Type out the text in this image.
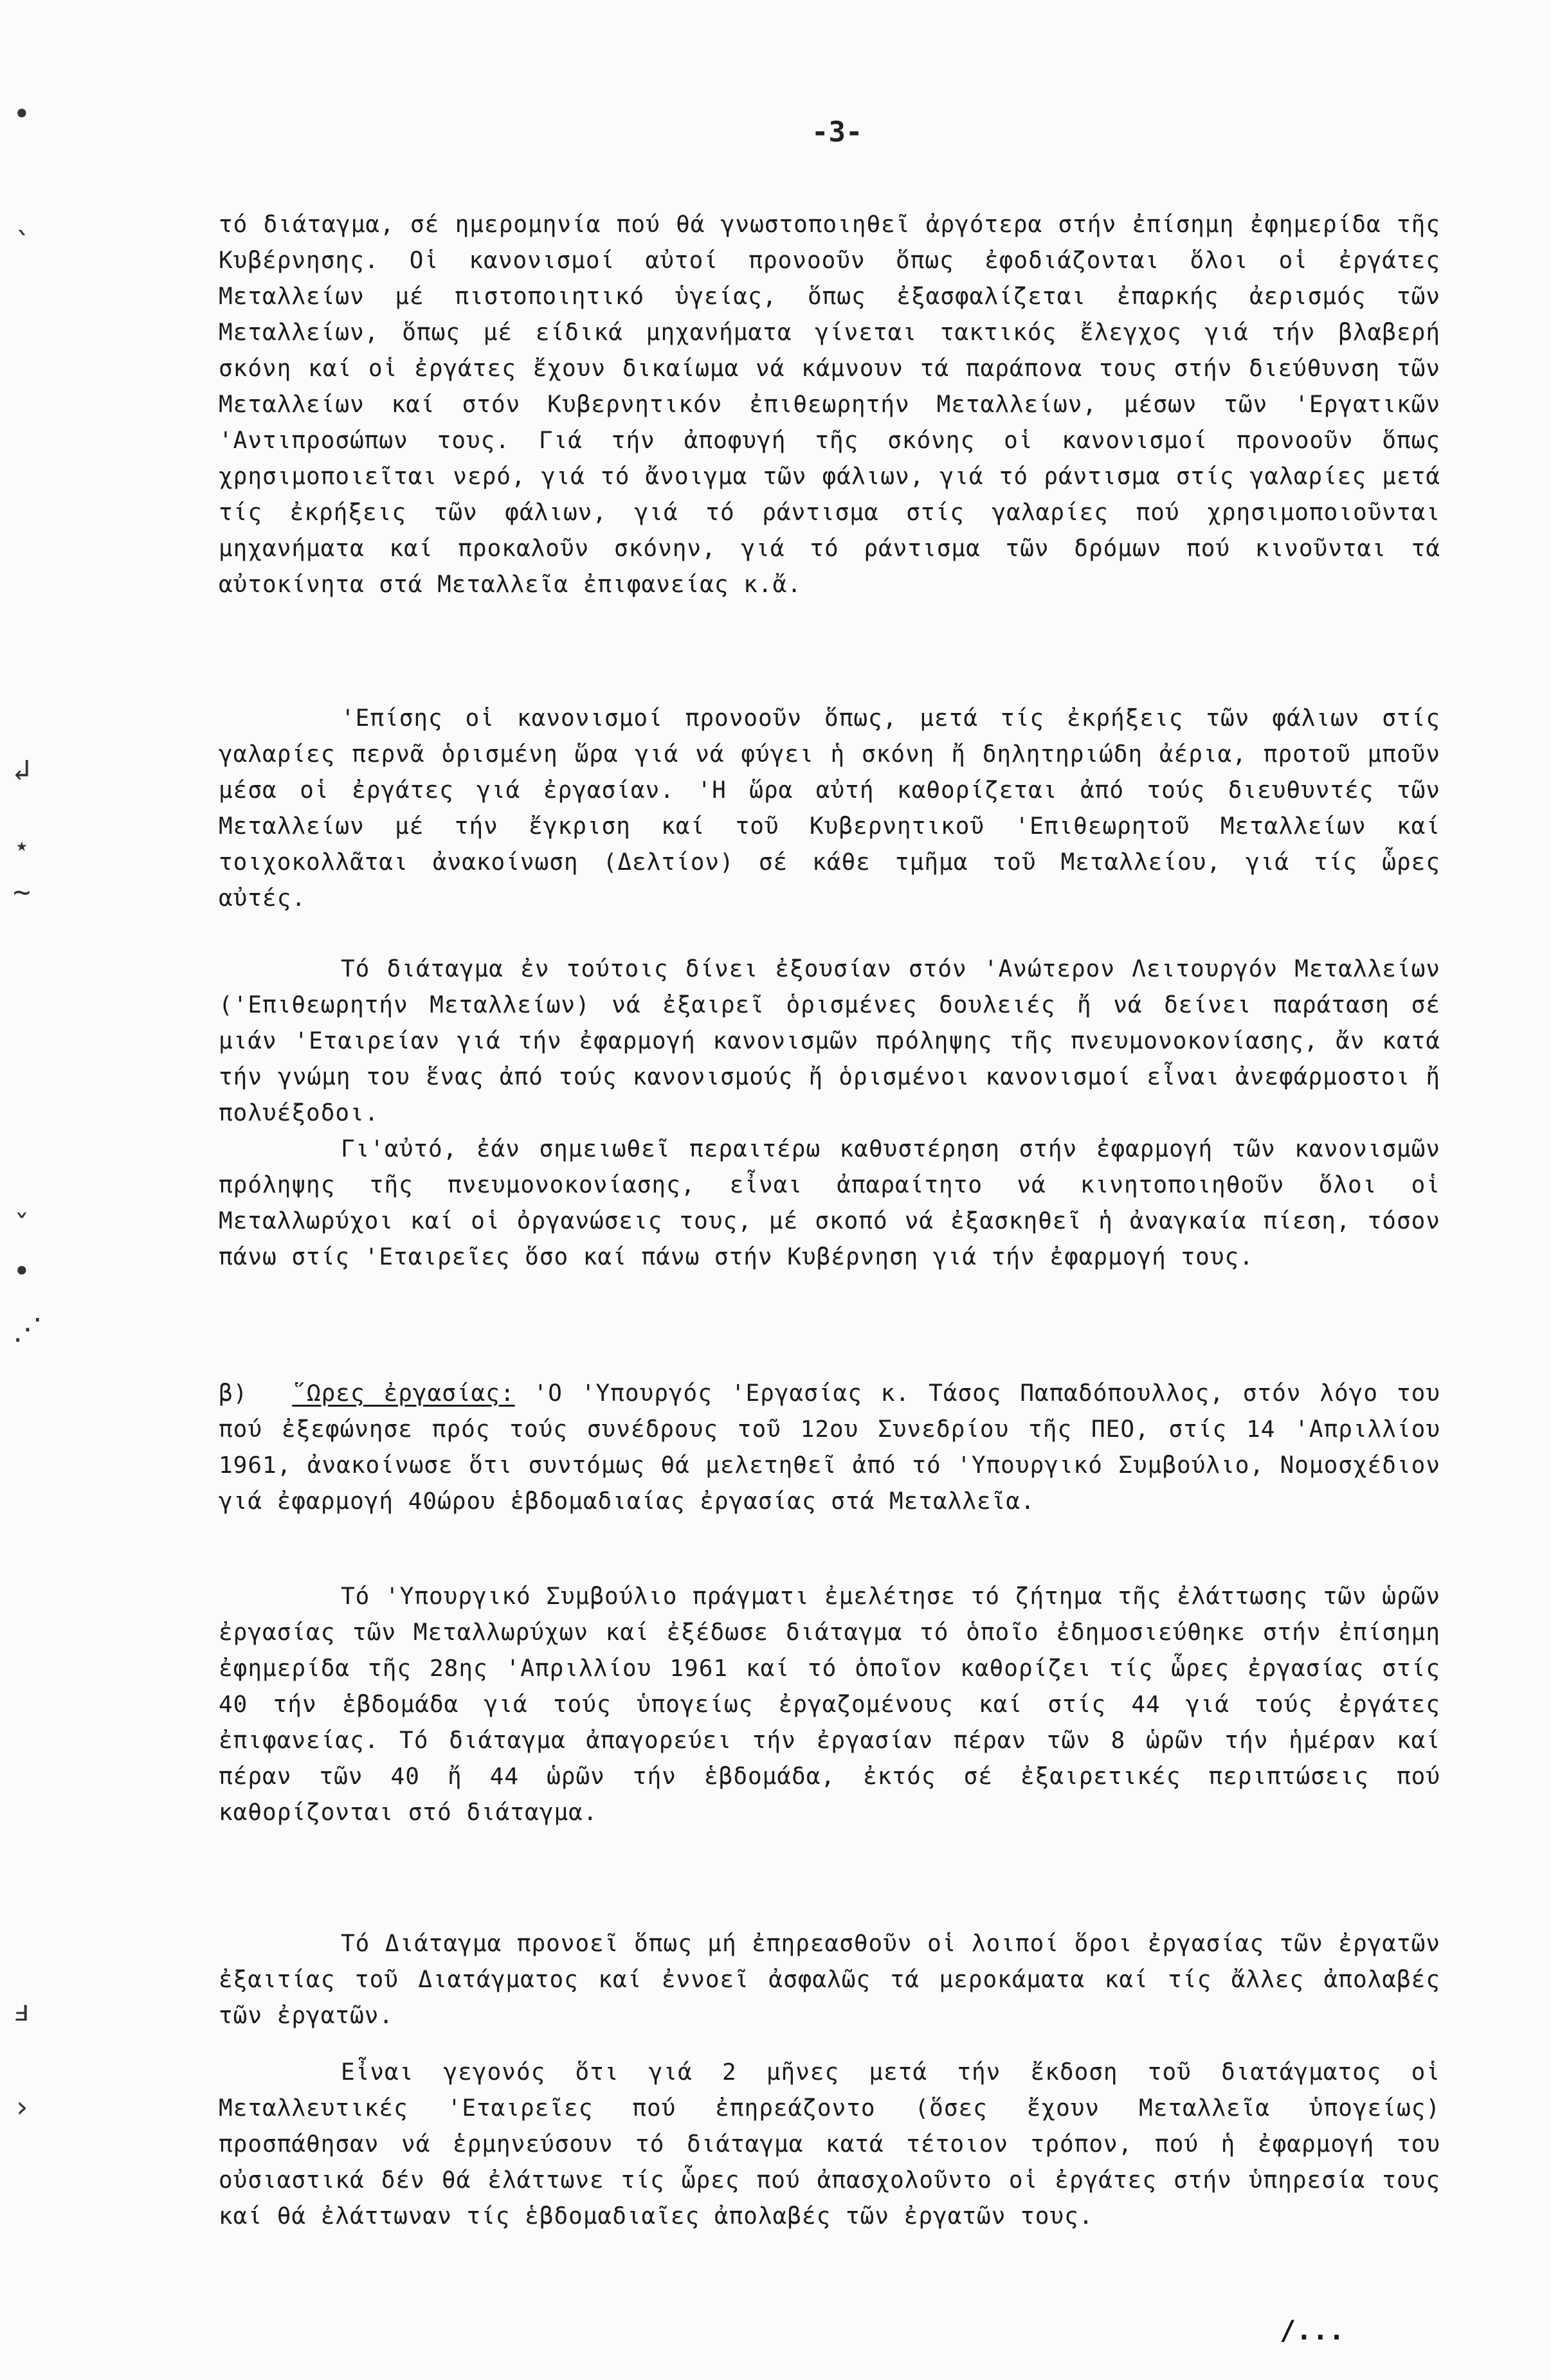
-3-
•
ˎ
↲
⋆
~
ˇ
•
⋰
ⅎ
›

τό διάταγμα, σέ ημερομηνία πού θά γνωστοποιηθεῖ ἀργότερα στήν ἐπίσημη ἐφημερίδα τῆς Κυβέρνησης. Οἱ κανονισμοί αὐτοί προνοοῦν ὅπως ἐφοδιάζονται ὅλοι οἱ ἐργάτες Μεταλλείων μέ πιστοποιητικό ὑγείας, ὅπως ἐξασφαλίζεται ἐπαρκής ἀερισμός τῶν Μεταλλείων, ὅπως μέ είδικά μηχανήματα γίνεται τακτικός ἔλεγχος γιά τήν βλαβερή σκόνη καί οἱ ἐργάτες ἔχουν δικαίωμα νά κάμνουν τά παράπονα τους στήν διεύθυνση τῶν Μεταλλείων καί στόν Κυβερνητικόν ἐπιθεωρητήν Μεταλλείων, μέσων τῶν 'Εργατικῶν 'Αντιπροσώπων τους. Γιά τήν ἀποφυγή τῆς σκόνης οἱ κανονισμοί προνοοῦν ὅπως χρησιμοποιεῖται νερό, γιά τό ἄνοιγμα τῶν φάλιων, γιά τό ράντισμα στίς γαλαρίες μετά τίς ἐκρήξεις τῶν φάλιων, γιά τό ράντισμα στίς γαλαρίες πού χρησιμοποιοῦνται μηχανήματα καί προκαλοῦν σκόνην, γιά τό ράντισμα τῶν δρόμων πού κινοῦνται τά αὐτοκίνητα στά Μεταλλεῖα ἐπιφανείας κ.ἄ.

'Επίσης οἱ κανονισμοί προνοοῦν ὅπως, μετά τίς ἐκρήξεις τῶν φάλιων στίς γαλαρίες περνᾶ ὁρισμένη ὥρα γιά νά φύγει ἡ σκόνη ἤ δηλητηριώδη ἀέρια, προτοῦ μποῦν μέσα οἱ ἐργάτες γιά ἐργασίαν. 'Η ὥρα αὐτή καθορίζεται ἀπό τούς διευθυντές τῶν Μεταλλείων μέ τήν ἔγκριση καί τοῦ Κυβερνητικοῦ 'Επιθεωρητοῦ Μεταλλείων καί τοιχοκολλᾶται ἀνακοίνωση (Δελτίον) σέ κάθε τμῆμα τοῦ Μεταλλείου, γιά τίς ὧρες αὐτές.

Τό διάταγμα ἐν τούτοις δίνει ἐξουσίαν στόν 'Ανώτερον Λειτουργόν Μεταλλείων ('Επιθεωρητήν Μεταλλείων) νά ἐξαιρεῖ ὁρισμένες δουλειές ἤ νά δείνει παράταση σέ μιάν 'Εταιρείαν γιά τήν ἐφαρμογή κανονισμῶν πρόληψης τῆς πνευμονοκονίασης, ἄν κατά τήν γνώμη του ἕνας ἀπό τούς κανονισμούς ἤ ὁρισμένοι κανονισμοί εἶναι ἀνεφάρμοστοι ἤ πολυέξοδοι.

Γι'αὐτό, ἐάν σημειωθεῖ περαιτέρω καθυστέρηση στήν ἐφαρμογή τῶν κανονισμῶν πρόληψης τῆς πνευμονοκονίασης, εἶναι ἀπαραίτητο νά κινητοποιηθοῦν ὅλοι οἱ Μεταλλωρύχοι καί οἱ ὀργανώσεις τους, μέ σκοπό νά ἐξασκηθεῖ ἡ ἀναγκαία πίεση, τόσον πάνω στίς 'Εταιρεῖες ὅσο καί πάνω στήν Κυβέρνηση γιά τήν ἐφαρμογή τους.

β) ῞Ωρες ἐργασίας: 'Ο 'Υπουργός 'Εργασίας κ. Τάσος Παπαδόπουλλος, στόν λόγο του πού ἐξεφώνησε πρός τούς συνέδρους τοῦ 12ου Συνεδρίου τῆς ΠΕΟ, στίς 14 'Απριλλίου 1961, ἀνακοίνωσε ὅτι συντόμως θά μελετηθεῖ ἀπό τό 'Υπουργικό Συμβούλιο, Νομοσχέδιον γιά ἐφαρμογή 40ώρου ἑβδομαδιαίας ἐργασίας στά Μεταλλεῖα.

Τό 'Υπουργικό Συμβούλιο πράγματι ἐμελέτησε τό ζήτημα τῆς ἐλάττωσης τῶν ὡρῶν ἐργασίας τῶν Μεταλλωρύχων καί ἐξέδωσε διάταγμα τό ὁποῖο ἐδημοσιεύθηκε στήν ἐπίσημη ἐφημερίδα τῆς 28ης 'Απριλλίου 1961 καί τό ὁποῖον καθορίζει τίς ὧρες ἐργασίας στίς 40 τήν ἑβδομάδα γιά τούς ὑπογείως ἐργαζομένους καί στίς 44 γιά τούς ἐργάτες ἐπιφανείας. Τό διάταγμα ἀπαγορεύει τήν ἐργασίαν πέραν τῶν 8 ὡρῶν τήν ἡμέραν καί πέραν τῶν 40 ἤ 44 ὡρῶν τήν ἑβδομάδα, ἐκτός σέ ἐξαιρετικές περιπτώσεις πού καθορίζονται στό διάταγμα.

Τό Διάταγμα προνοεῖ ὅπως μή ἐπηρεασθοῦν οἱ λοιποί ὅροι ἐργασίας τῶν ἐργατῶν ἐξαιτίας τοῦ Διατάγματος καί ἐννοεῖ ἀσφαλῶς τά μεροκάματα καί τίς ἄλλες ἀπολαβές τῶν ἐργατῶν.

Εἶναι γεγονός ὅτι γιά 2 μῆνες μετά τήν ἔκδοση τοῦ διατάγματος οἱ Μεταλλευτικές 'Εταιρεῖες πού ἐπηρεάζοντο (ὅσες ἔχουν Μεταλλεῖα ὑπογείως) προσπάθησαν νά ἑρμηνεύσουν τό διάταγμα κατά τέτοιον τρόπον, πού ἡ ἐφαρμογή του οὐσιαστικά δέν θά ἐλάττωνε τίς ὧρες πού ἀπασχολοῦντο οἱ ἐργάτες στήν ὑπηρεσία τους καί θά ἐλάττωναν τίς ἑβδομαδιαῖες ἀπολαβές τῶν ἐργατῶν τους.

/...
